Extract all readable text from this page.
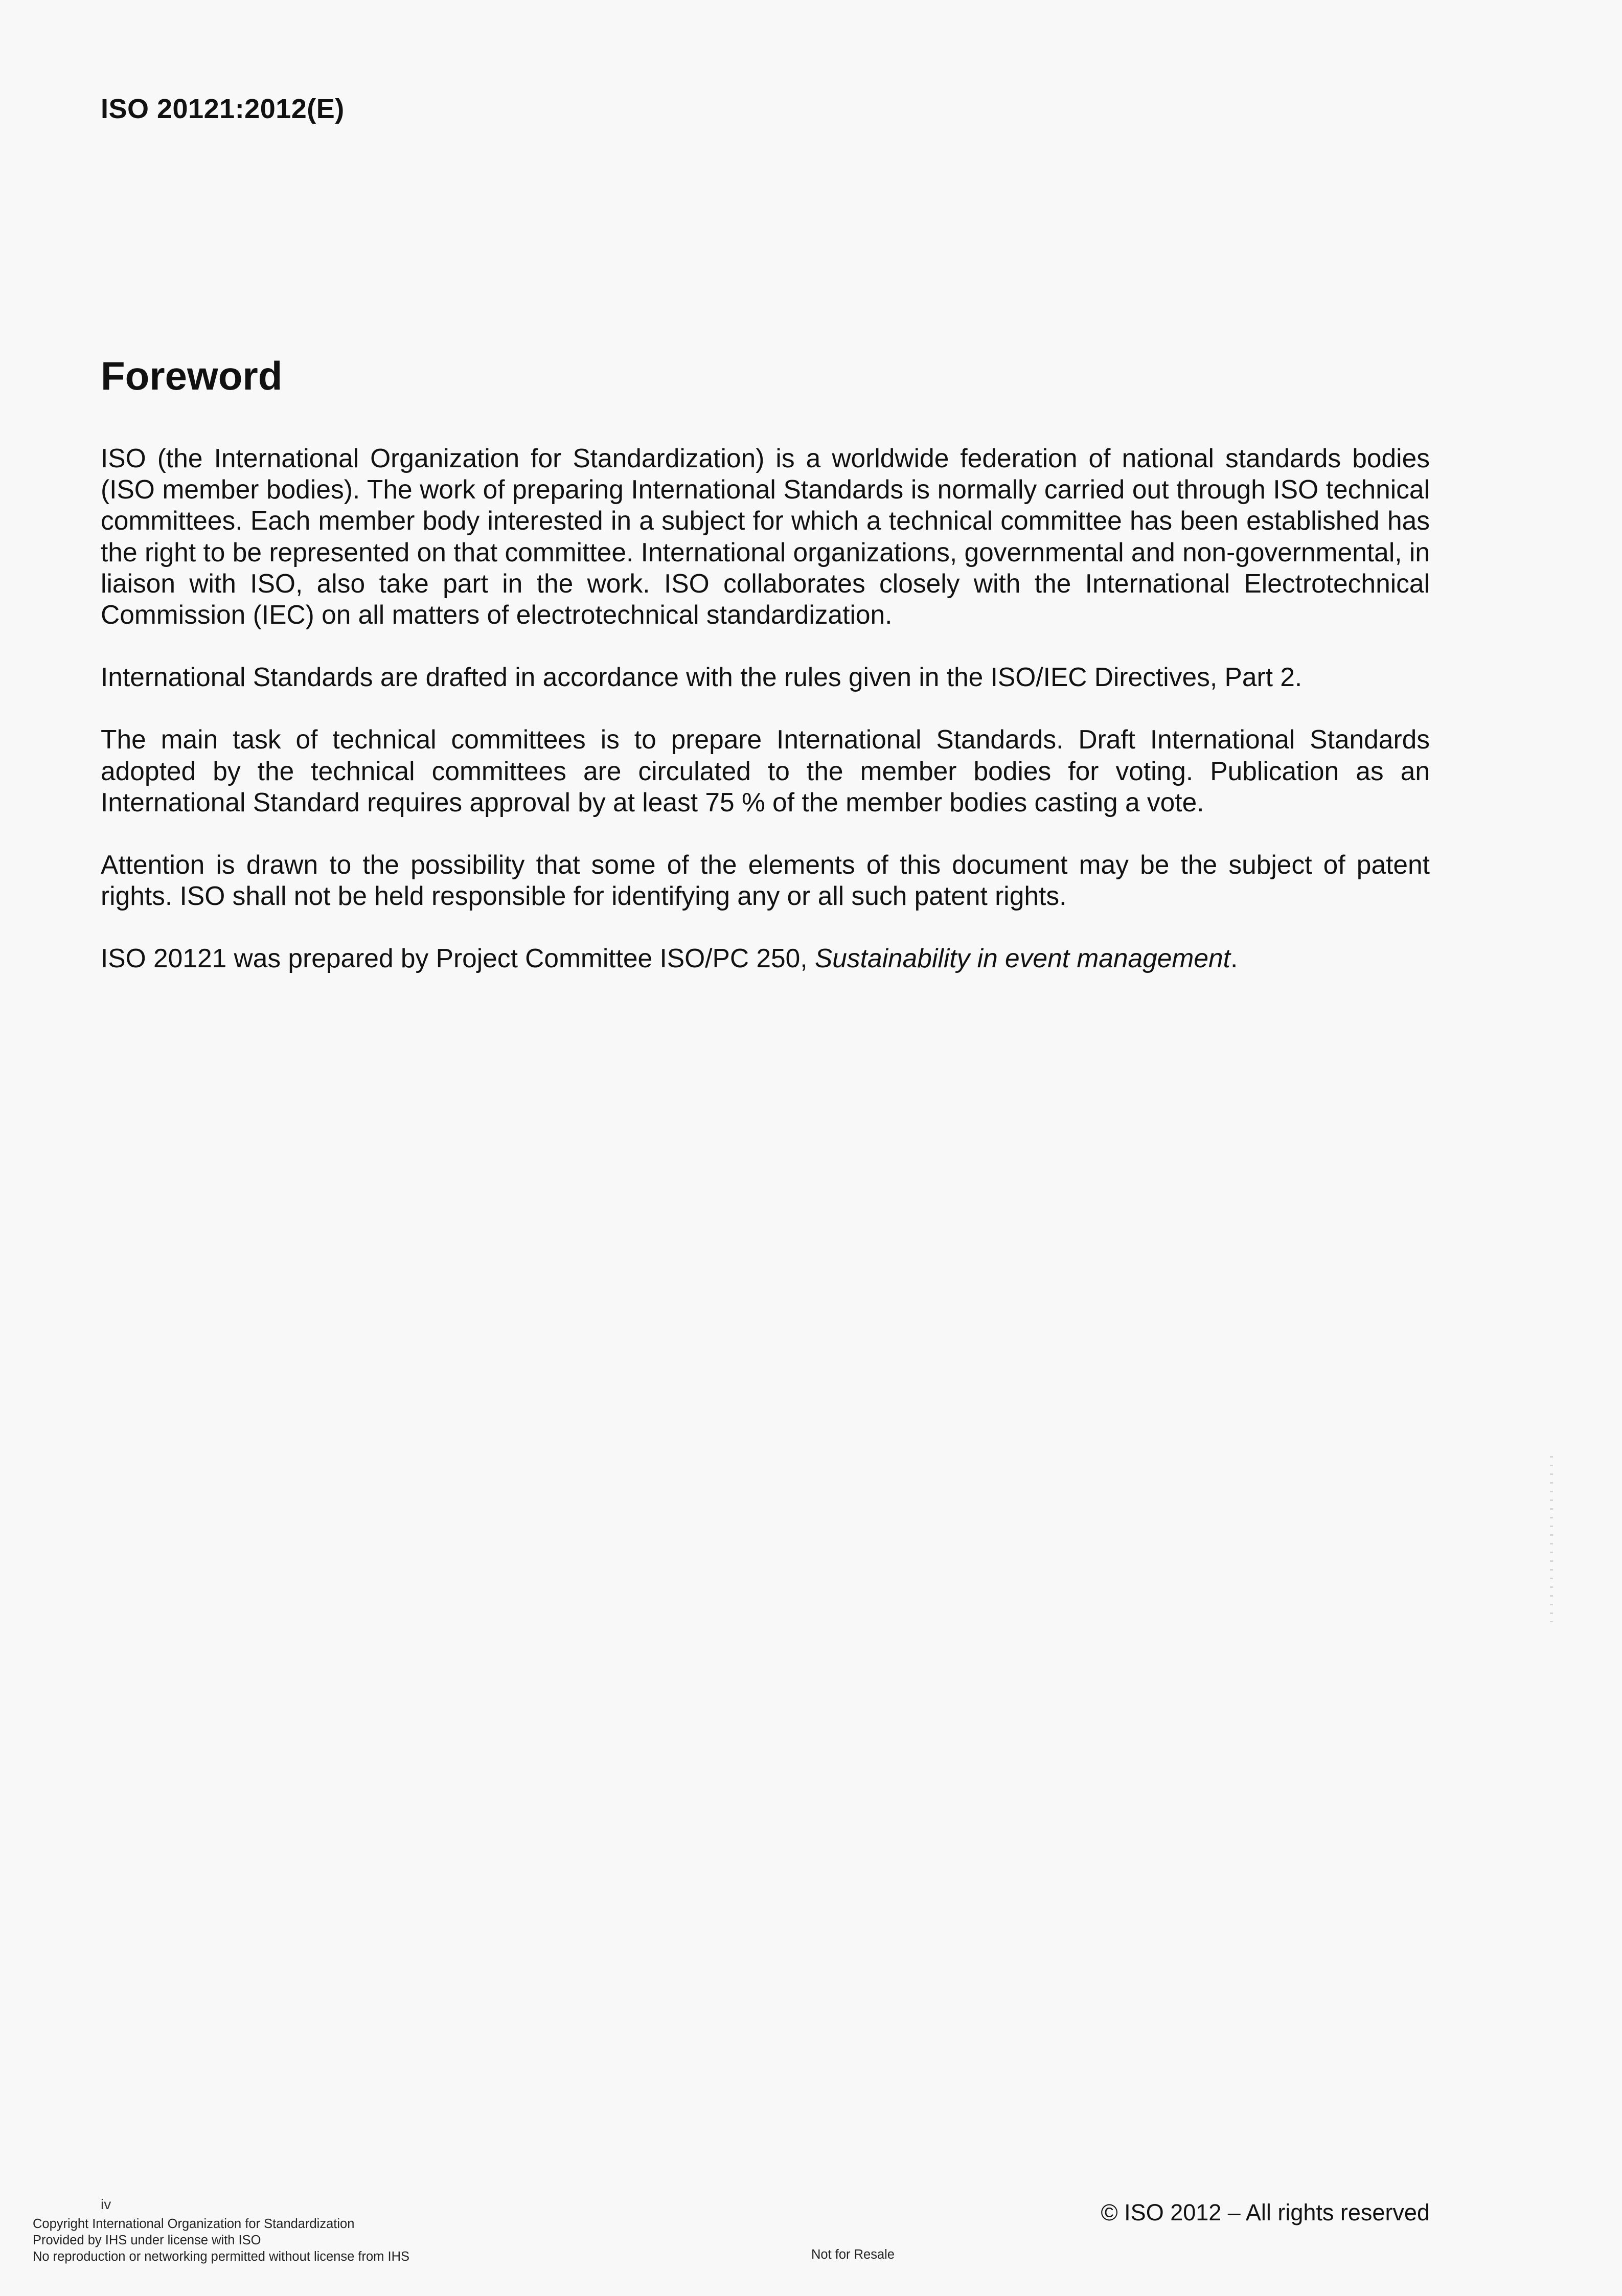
ISO 20121:2012(E)
Foreword

ISO (the International Organization for Standardization) is a worldwide federation of national standards bodies (ISO member bodies). The work of preparing International Standards is normally carried out through ISO technical committees. Each member body interested in a subject for which a technical committee has been established has the right to be represented on that committee. International organizations, governmental and non-governmental, in liaison with ISO, also take part in the work. ISO collaborates closely with the International Electrotechnical Commission (IEC) on all matters of electrotechnical standardization.

International Standards are drafted in accordance with the rules given in the ISO/IEC Directives, Part 2.

The main task of technical committees is to prepare International Standards. Draft International Standards adopted by the technical committees are circulated to the member bodies for voting. Publication as an International Standard requires approval by at least 75 % of the member bodies casting a vote.

Attention is drawn to the possibility that some of the elements of this document may be the subject of patent rights. ISO shall not be held responsible for identifying any or all such patent rights.

ISO 20121 was prepared by Project Committee ISO/PC 250, Sustainability in event management.

iv	© ISO 2012 – All rights reserved
Copyright International Organization for Standardization
Provided by IHS under license with ISO
No reproduction or networking permitted without license from IHS	Not for Resale
